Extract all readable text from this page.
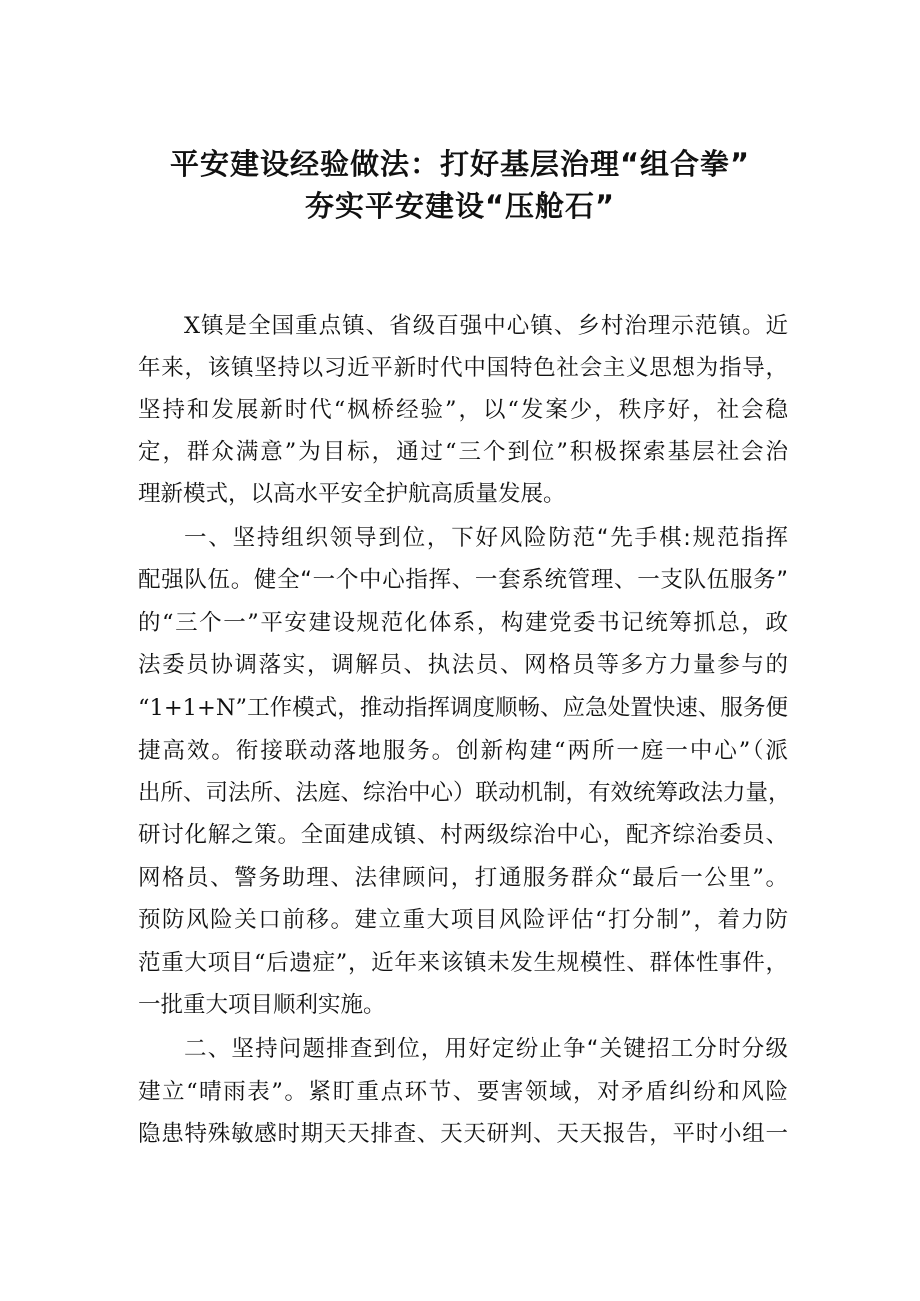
平安建设经验做法：打好基层治理“组合拳”
夯实平安建设“压舱石”
X镇是全国重点镇、省级百强中心镇、乡村治理示范镇。近
年来，该镇坚持以习近平新时代中国特色社会主义思想为指导，
坚持和发展新时代“枫桥经验”，以“发案少，秩序好，社会稳
定，群众满意”为目标，通过“三个到位”积极探索基层社会治
理新模式，以高水平安全护航高质量发展。
一、坚持组织领导到位，下好风险防范“先手棋:规范指挥
配强队伍。健全“一个中心指挥、一套系统管理、一支队伍服务”
的“三个一”平安建设规范化体系，构建党委书记统筹抓总，政
法委员协调落实，调解员、执法员、网格员等多方力量参与的
“1+1+N”工作模式，推动指挥调度顺畅、应急处置快速、服务便
捷高效。衔接联动落地服务。创新构建“两所一庭一中心”（派
出所、司法所、法庭、综治中心）联动机制，有效统筹政法力量，
研讨化解之策。全面建成镇、村两级综治中心，配齐综治委员、
网格员、警务助理、法律顾问，打通服务群众“最后一公里”。
预防风险关口前移。建立重大项目风险评估“打分制”，着力防
范重大项目“后遗症”，近年来该镇未发生规模性、群体性事件，
一批重大项目顺利实施。
二、坚持问题排查到位，用好定纷止争“关键招工分时分级
建立“晴雨表”。紧盯重点环节、要害领域，对矛盾纠纷和风险
隐患特殊敏感时期天天排查、天天研判、天天报告，平时小组一
